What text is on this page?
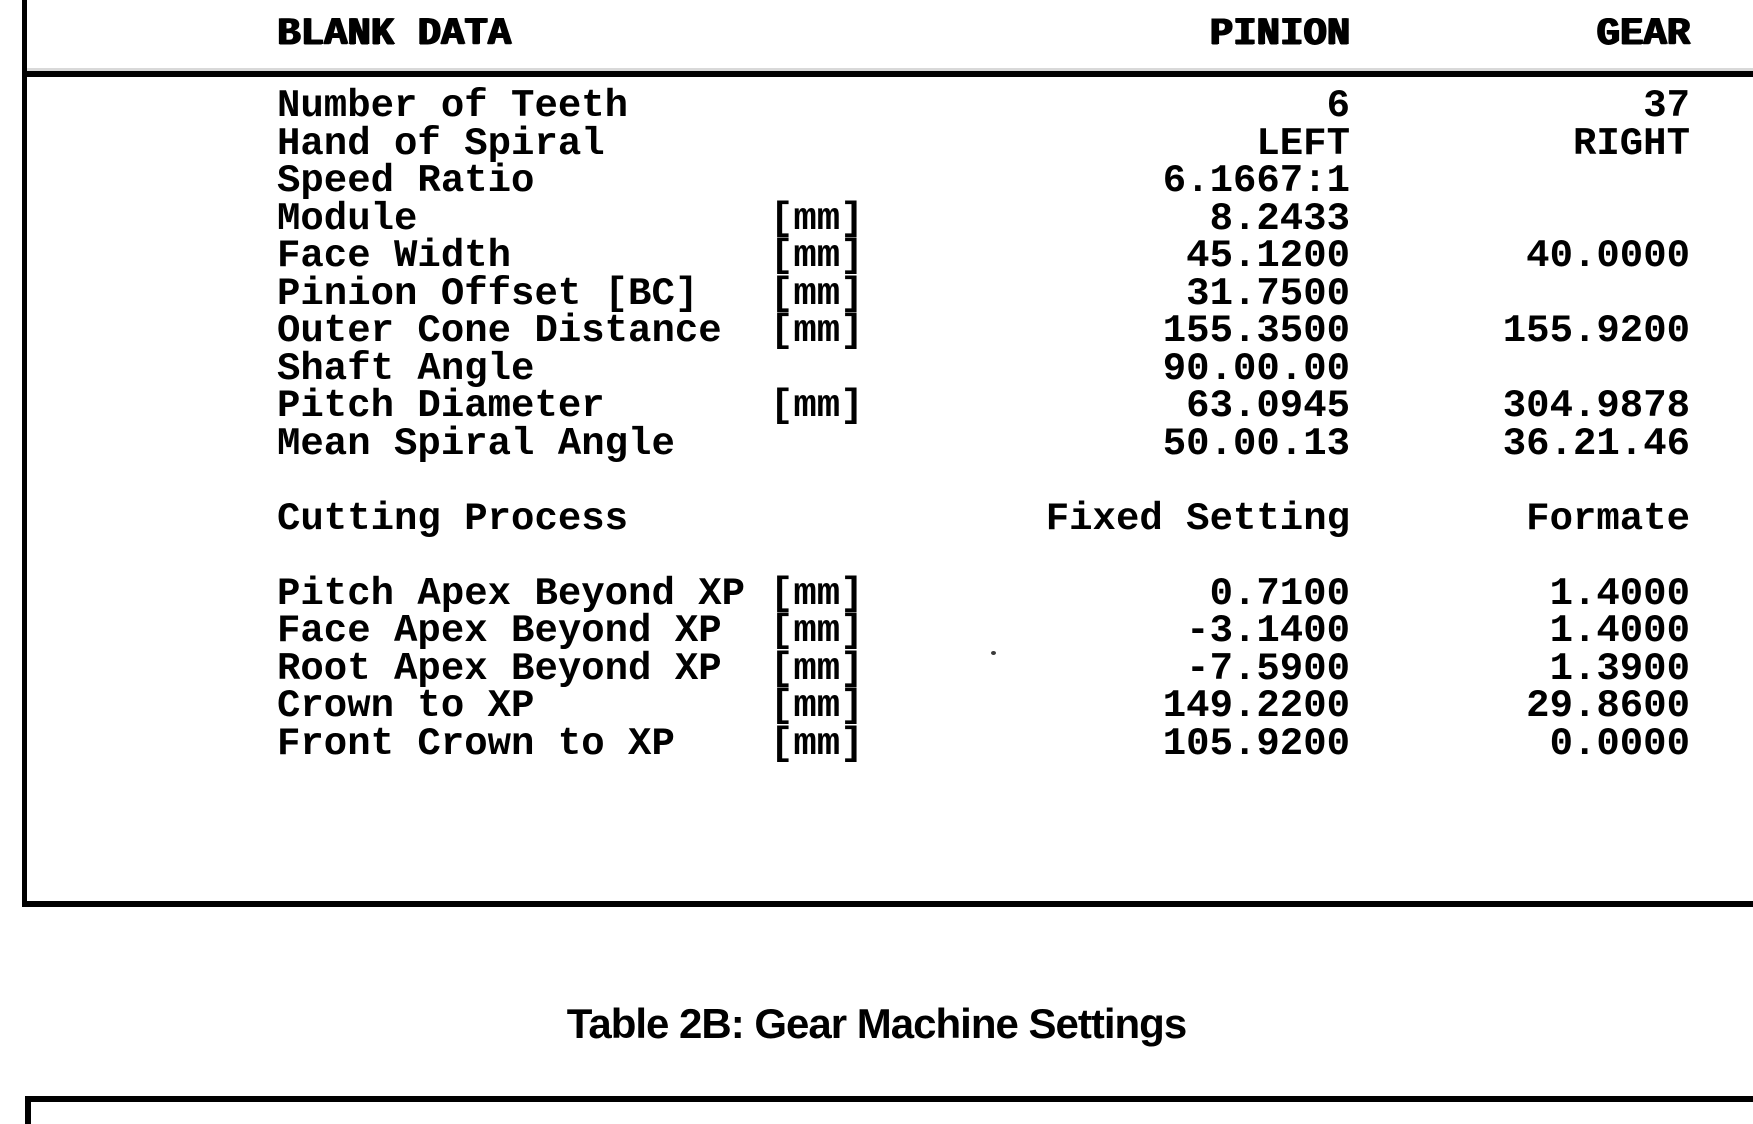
BLANK DATA	PINION	GEAR
Number of Teeth	6	37
Hand of Spiral	LEFT	RIGHT
Speed Ratio	6.1667:1
Module	[mm]	8.2433
Face Width	[mm]	45.1200	40.0000
Pinion Offset [BC]	[mm]	31.7500
Outer Cone Distance	[mm]	155.3500	155.9200
Shaft Angle	90.00.00
Pitch Diameter	[mm]	63.0945	304.9878
Mean Spiral Angle	50.00.13	36.21.46
Cutting Process	Fixed Setting	Formate
Pitch Apex Beyond XP [mm]	0.7100	1.4000
Face Apex Beyond XP	[mm]	-3.1400	1.4000
Root Apex Beyond XP	[mm]	-7.5900	1.3900
Crown to XP	[mm]	149.2200	29.8600
Front Crown to XP	[mm]	105.9200	0.0000
Table 2B: Gear Machine Settings
